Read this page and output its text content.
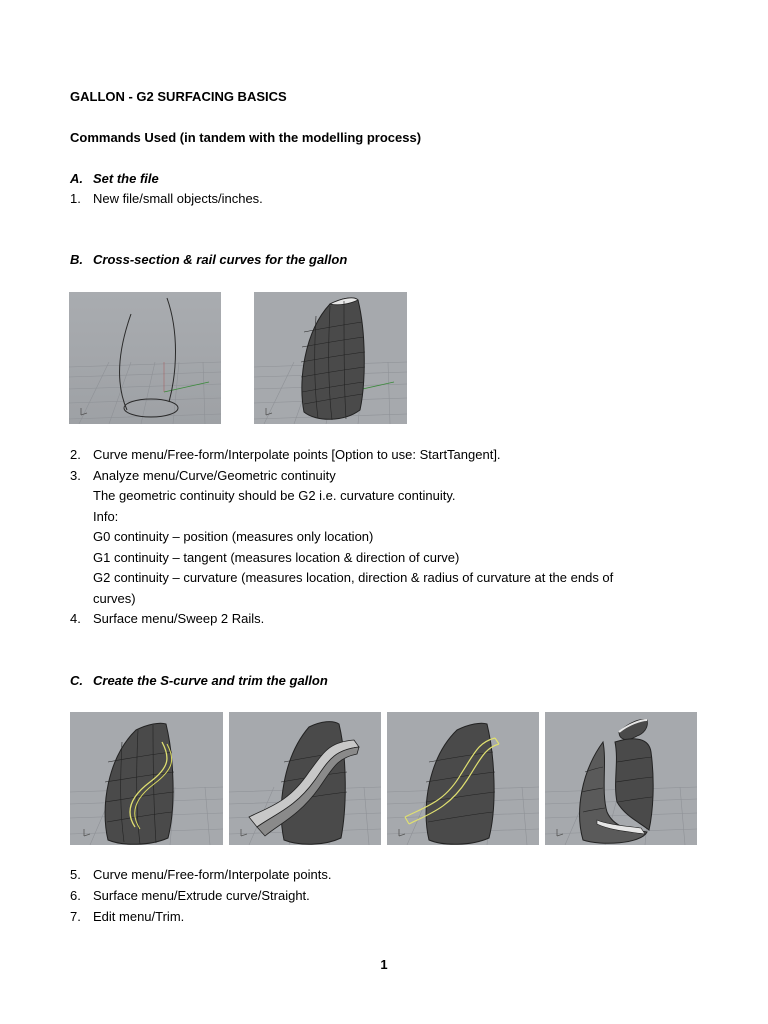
GALLON - G2 SURFACING BASICS
Commands Used (in tandem with the modelling process)
A. Set the file
1. New file/small objects/inches.
B. Cross-section & rail curves for the gallon
2. Curve menu/Free-form/Interpolate points [Option to use: StartTangent].
3. Analyze menu/Curve/Geometric continuity
The geometric continuity should be G2 i.e. curvature continuity.
Info:
G0 continuity – position (measures only location)
G1 continuity – tangent (measures location & direction of curve)
G2 continuity – curvature (measures location, direction & radius of curvature at the ends of
curves)
4. Surface menu/Sweep 2 Rails.
C. Create the S-curve and trim the gallon
5. Curve menu/Free-form/Interpolate points.
6. Surface menu/Extrude curve/Straight.
7. Edit menu/Trim.
1
